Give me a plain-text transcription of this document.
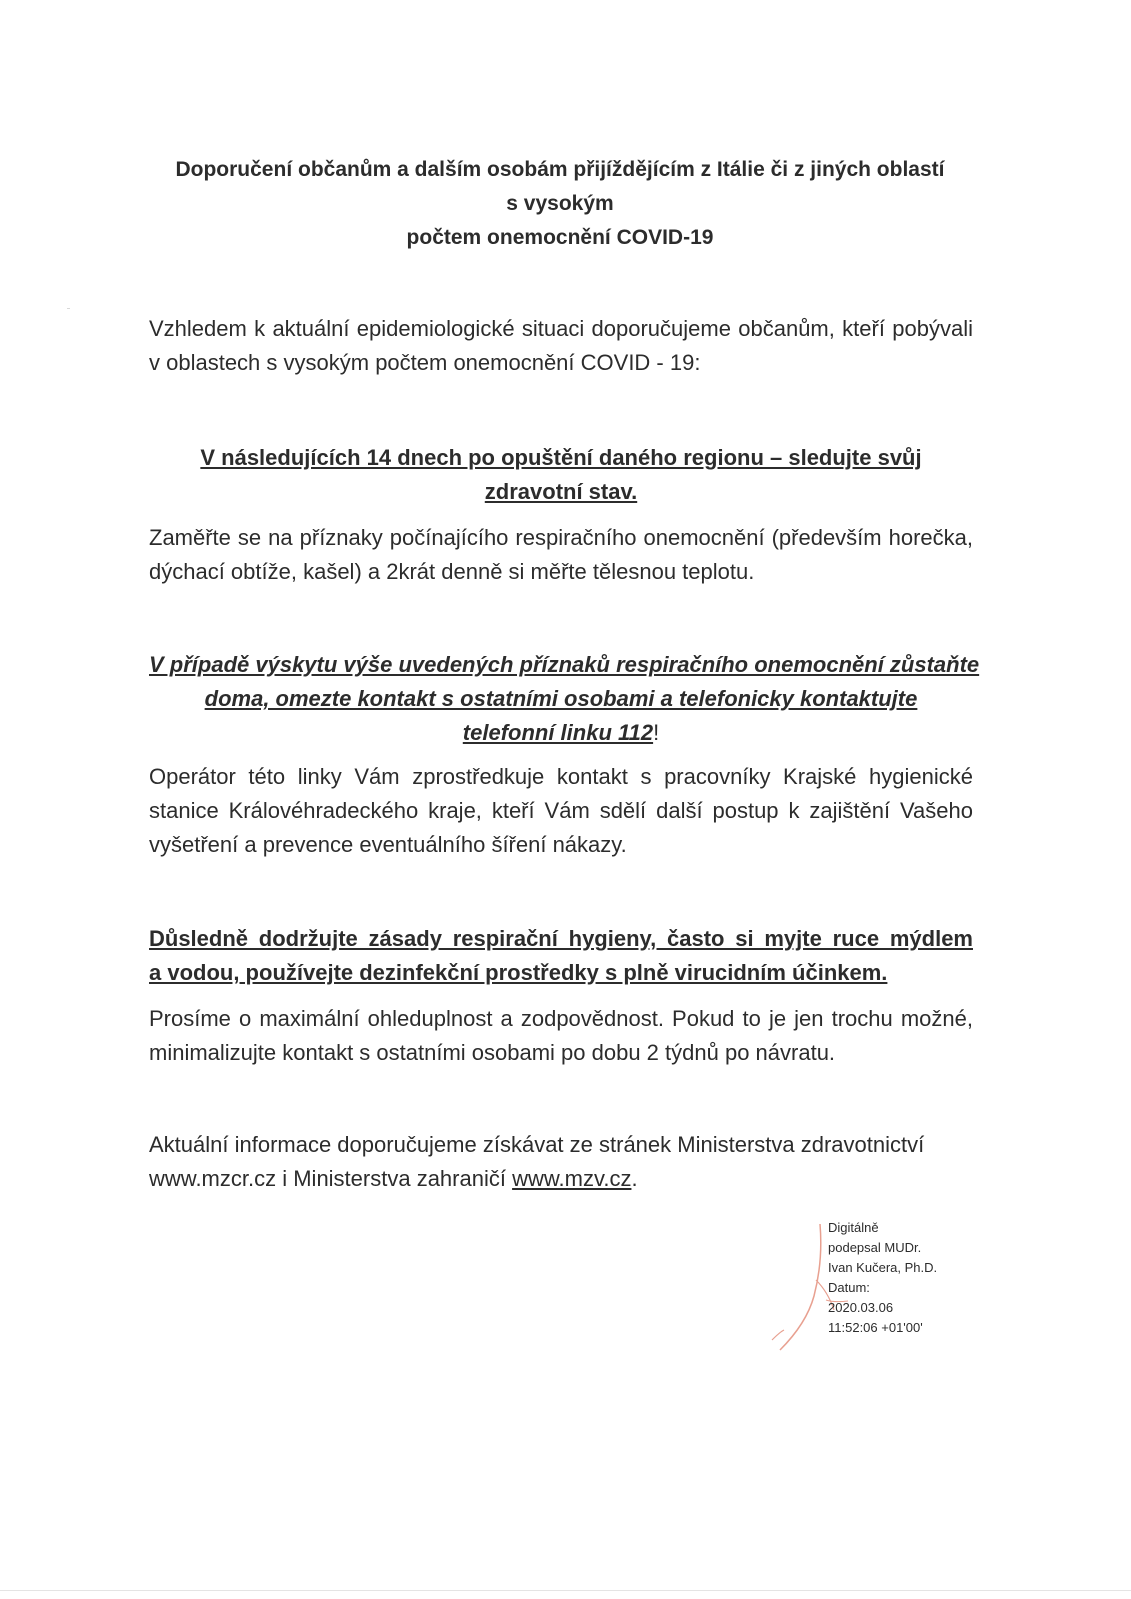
Doporučení občanům a dalším osobám přijíždějícím z Itálie či z jiných oblastí
s vysokým
počtem onemocnění COVID-19
Vzhledem k aktuální epidemiologické situaci doporučujeme občanům, kteří pobývali v oblastech s vysokým počtem onemocnění COVID - 19:
V následujících 14 dnech po opuštění daného regionu – sledujte svůj
zdravotní stav.
Zaměřte se na příznaky počínajícího respiračního onemocnění (především horečka, dýchací obtíže, kašel) a 2krát denně si měřte tělesnou teplotu.
V případě výskytu výše uvedených příznaků respiračního onemocnění zůstaňte
doma, omezte kontakt s ostatními osobami a telefonicky kontaktujte
telefonní linku 112!
Operátor této linky Vám zprostředkuje kontakt s pracovníky Krajské hygienické stanice Královéhradeckého kraje, kteří Vám sdělí další postup k zajištění Vašeho vyšetření a prevence eventuálního šíření nákazy.
Důsledně dodržujte zásady respirační hygieny, často si myjte ruce mýdlem
a vodou, používejte dezinfekční prostředky s plně virucidním účinkem.
Prosíme o maximální ohleduplnost a zodpovědnost. Pokud to je jen trochu možné, minimalizujte kontakt s ostatními osobami po dobu 2 týdnů po návratu.
Aktuální informace doporučujeme získávat ze stránek Ministerstva zdravotnictví
www.mzcr.cz i Ministerstva zahraničí www.mzv.cz.
Digitálně
podepsal MUDr.
Ivan Kučera, Ph.D.
Datum:
2020.03.06
11:52:06 +01'00'
